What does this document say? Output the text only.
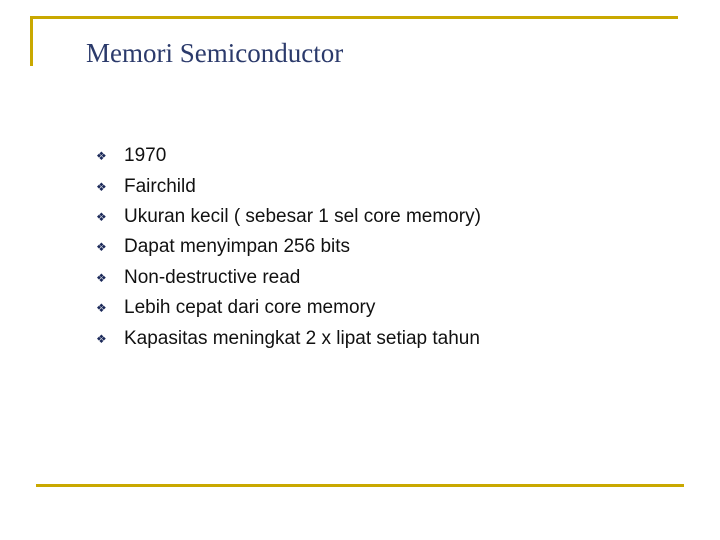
Memori Semiconductor
❖ 1970
❖ Fairchild
❖ Ukuran kecil ( sebesar 1 sel core memory)
❖ Dapat menyimpan 256 bits
❖ Non-destructive read
❖ Lebih cepat dari core memory
❖ Kapasitas meningkat 2 x lipat setiap tahun
